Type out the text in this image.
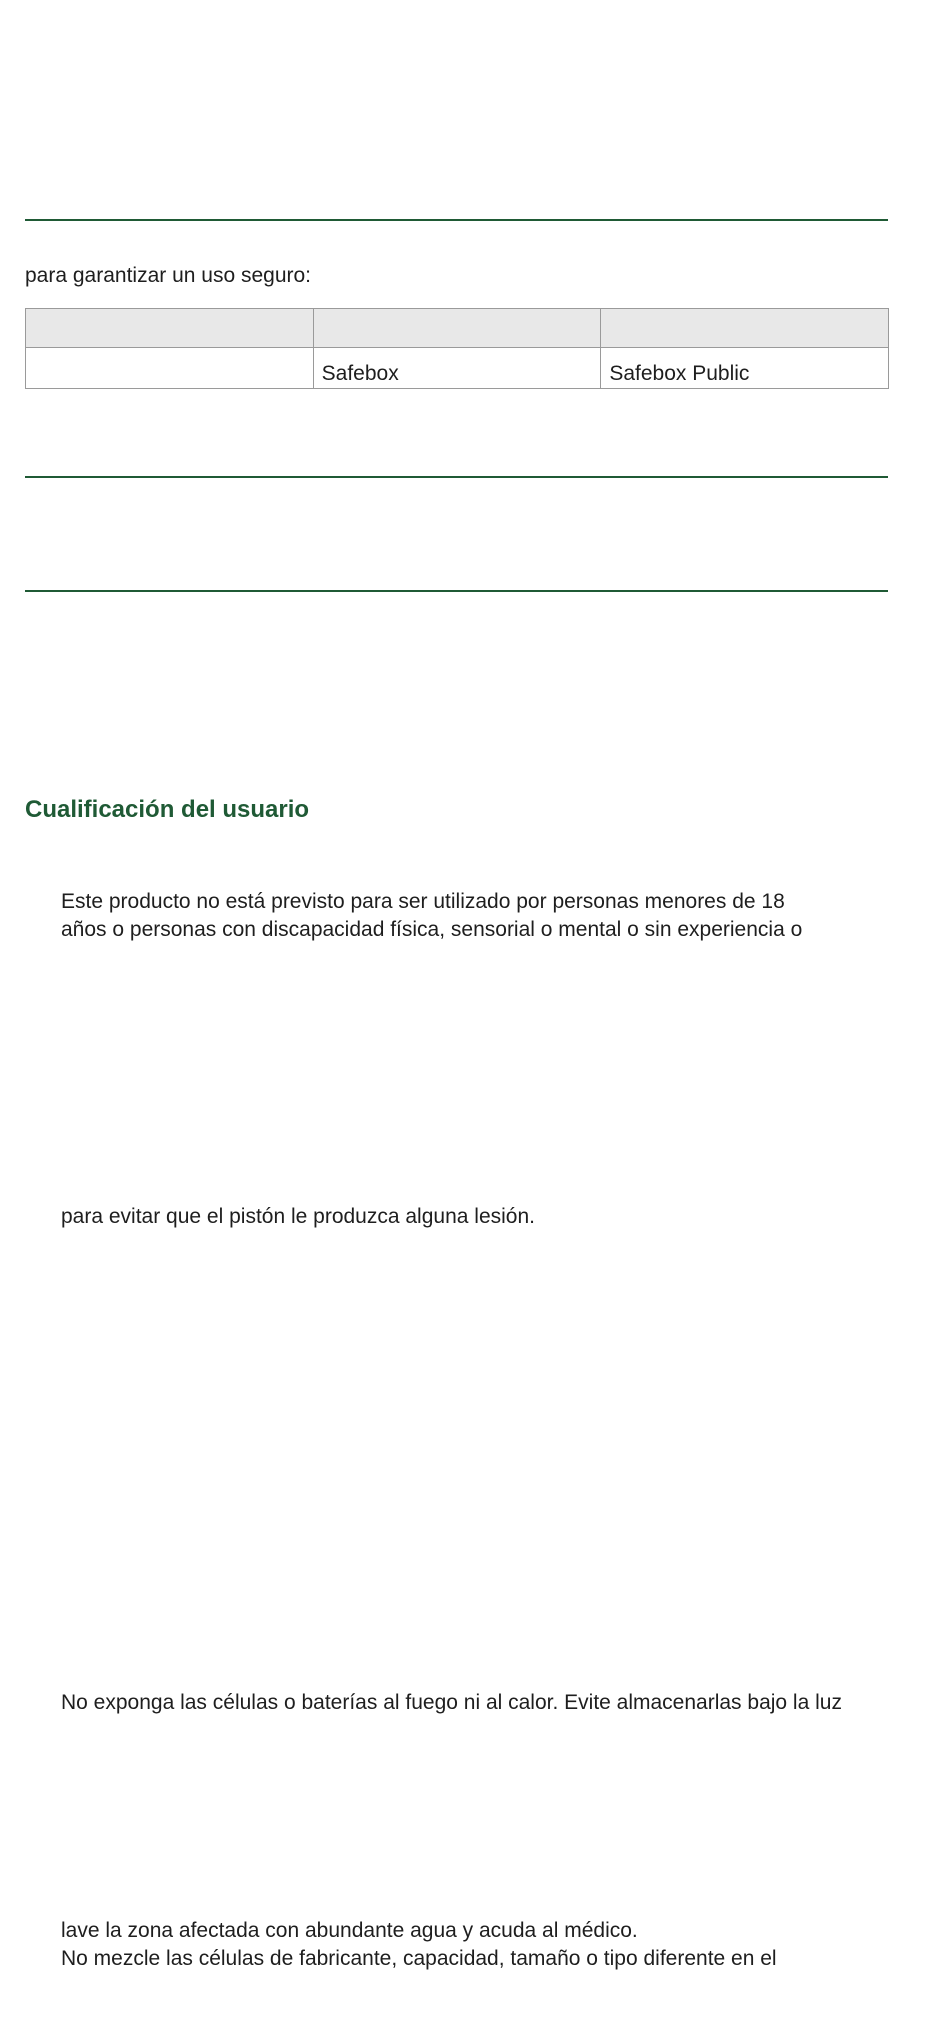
para garantizar un uso seguro:

	Safebox	Safebox Public
Cualificación del usuario
Este producto no está previsto para ser utilizado por personas menores de 18
años o personas con discapacidad física, sensorial o mental o sin experiencia o
para evitar que el pistón le produzca alguna lesión.
No exponga las células o baterías al fuego ni al calor. Evite almacenarlas bajo la luz
lave la zona afectada con abundante agua y acuda al médico.
No mezcle las células de fabricante, capacidad, tamaño o tipo diferente en el
